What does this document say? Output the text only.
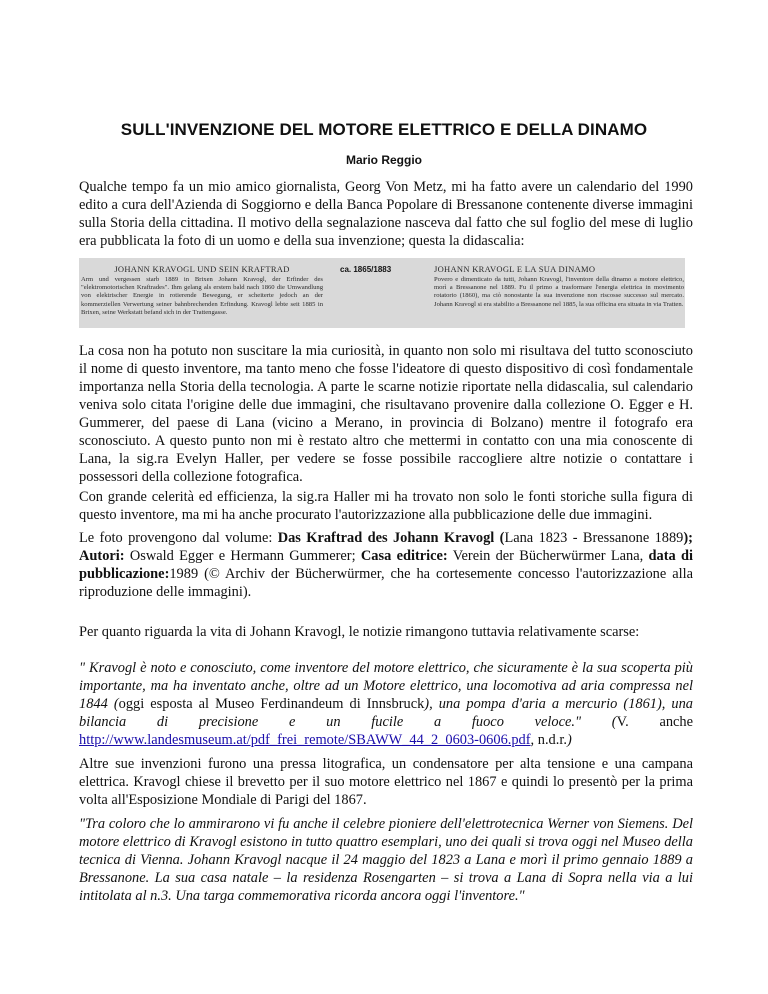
SULL'INVENZIONE DEL MOTORE ELETTRICO E DELLA DINAMO
Mario Reggio

Qualche tempo fa un mio amico giornalista, Georg Von Metz, mi ha fatto avere un calendario del 1990 edito a cura dell'Azienda di Soggiorno e della Banca Popolare di Bressanone contenente diverse immagini sulla Storia della cittadina. Il motivo della segnalazione nasceva dal fatto che sul foglio del mese di luglio era pubblicata la foto di un uomo e della sua invenzione; questa la didascalia:

JOHANN KRAVOGL UND SEIN KRAFTRAD
Arm und vergessen starb 1889 in Brixen Johann Kravogl, der Erfinder des "elektromotorischen Kraftrades". Ihm gelang als erstem bald nach 1860 die Umwandlung von elektrischer Energie in rotierende Bewegung, er scheiterte jedoch an der kommerziellen Verwertung seiner bahnbrechenden Erfindung. Kravogl lebte seit 1885 in Brixen, seine Werkstatt befand sich in der Trattengasse.
ca. 1865/1883	JOHANN KRAVOGL E LA SUA DINAMO
Povero e dimenticato da tutti, Johann Kravogl, l'inventore della dinamo a motore elettrico, morì a Bressanone nel 1889. Fu il primo a trasformare l'energia elettrica in movimento rotatorio (1860), ma ciò nonostante la sua invenzione non riscosse successo sul mercato. Johann Kravogl si era stabilito a Bressanone nel 1885, la sua officina era situata in via Tratten.

La cosa non ha potuto non suscitare la mia curiosità, in quanto non solo mi risultava del tutto sconosciuto il nome di questo inventore, ma tanto meno che fosse l'ideatore di questo dispositivo di così fondamentale importanza nella Storia della tecnologia. A parte le scarne notizie riportate nella didascalia, sul calendario veniva solo citata l'origine delle due immagini, che risultavano provenire dalla collezione O. Egger e H. Gummerer, del paese di Lana (vicino a Merano, in provincia di Bolzano) mentre il fotografo era sconosciuto. A questo punto non mi è restato altro che mettermi in contatto con una mia conoscente di Lana, la sig.ra Evelyn Haller, per vedere se fosse possibile raccogliere altre notizie o contattare i possessori della collezione fotografica.

Con grande celerità ed efficienza, la sig.ra Haller mi ha trovato non solo le fonti storiche sulla figura di questo inventore, ma mi ha anche procurato l'autorizzazione alla pubblicazione delle due immagini.

Le foto provengono dal volume: Das Kraftrad des Johann Kravogl (Lana 1823 - Bressanone 1889); Autori: Oswald Egger e Hermann Gummerer; Casa editrice: Verein der Bücherwürmer Lana, data di pubblicazione:1989 (© Archiv der Bücherwürmer, che ha cortesemente concesso l'autorizzazione alla riproduzione delle immagini).

Per quanto riguarda la vita di Johann Kravogl, le notizie rimangono tuttavia relativamente scarse:

" Kravogl è noto e conosciuto, come inventore del motore elettrico, che sicuramente è la sua scoperta più importante, ma ha inventato anche, oltre ad un Motore elettrico, una locomotiva ad aria compressa nel 1844 (oggi esposta al Museo Ferdinandeum di Innsbruck), una pompa d'aria a mercurio (1861), una bilancia di precisione e un fucile a fuoco veloce." (V. anche http://www.landesmuseum.at/pdf_frei_remote/SBAWW_44_2_0603-0606.pdf, n.d.r.)

Altre sue invenzioni furono una pressa litografica, un condensatore per alta tensione e una campana elettrica. Kravogl chiese il brevetto per il suo motore elettrico nel 1867 e quindi lo presentò per la prima volta all'Esposizione Mondiale di Parigi del 1867.

"Tra coloro che lo ammirarono vi fu anche il celebre pioniere dell'elettrotecnica Werner von Siemens. Del motore elettrico di Kravogl esistono in tutto quattro esemplari, uno dei quali si trova oggi nel Museo della tecnica di Vienna. Johann Kravogl nacque il 24 maggio del 1823 a Lana e morì il primo gennaio 1889 a Bressanone. La sua casa natale – la residenza Rosengarten – si trova a Lana di Sopra nella via a lui intitolata al n.3. Una targa commemorativa ricorda ancora oggi l'inventore."
